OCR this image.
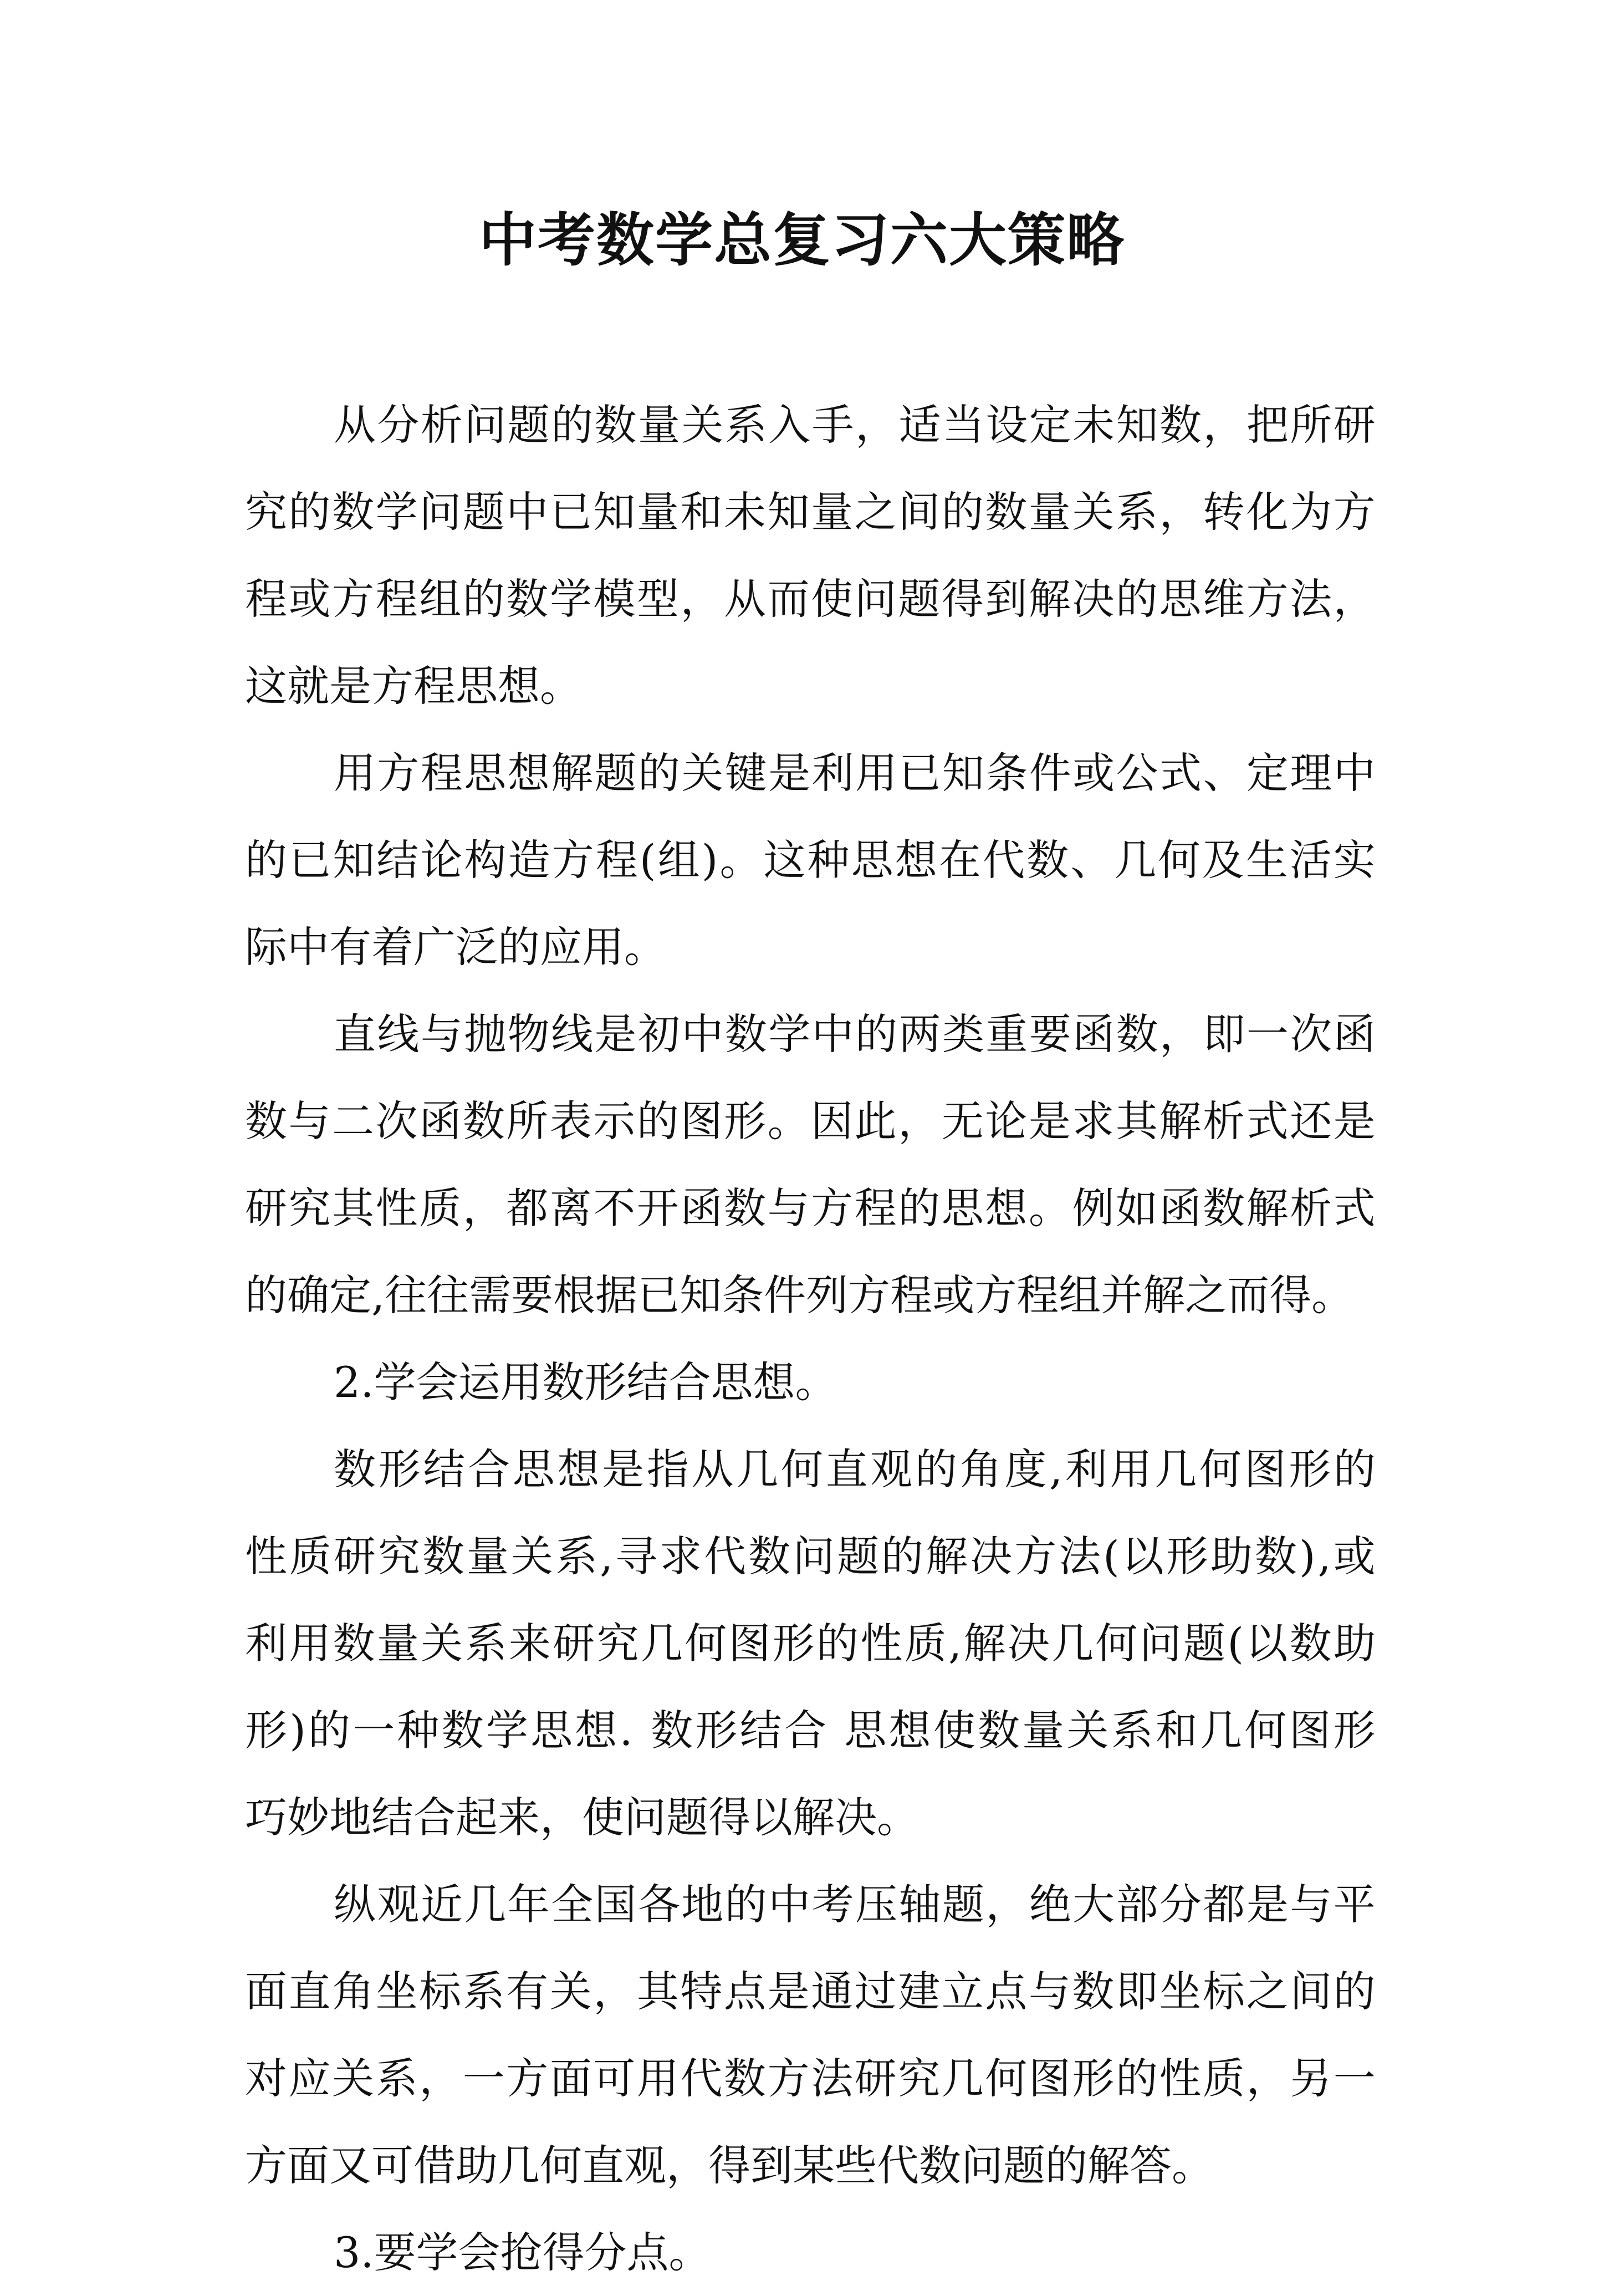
中考数学总复习六大策略
从 分 析 问 题 的 数 量 关 系 入 手 ， 适 当 设 定 未 知 数 ， 把 所 研
究 的 数 学 问 题 中 已 知 量 和 未 知 量 之 间 的 数 量 关 系 ， 转 化 为 方
程 或 方 程 组 的 数 学 模 型 ， 从 而 使 问 题 得 到 解 决 的 思 维 方 法 ，
这就是方程思想。
用 方 程 思 想 解 题 的 关 键 是 利 用 已 知 条 件 或 公 式 、 定 理 中
的 已 知 结 论 构 造 方 程 ( 组 ) 。 这 种 思 想 在 代 数 、 几 何 及 生 活 实
际中有着广泛的应用。
直 线 与 抛 物 线 是 初 中 数 学 中 的 两 类 重 要 函 数 ， 即 一 次 函
数 与 二 次 函 数 所 表 示 的 图 形 。 因 此 ， 无 论 是 求 其 解 析 式 还 是
研 究 其 性 质 ， 都 离 不 开 函 数 与 方 程 的 思 想 。 例 如 函 数 解 析 式
的确定,往往需要根据已知条件列方程或方程组并解之而得。
2.学会运用数形结合思想。
数 形 结 合 思 想 是 指 从 几 何 直 观 的 角 度 , 利 用 几 何 图 形 的
性 质 研 究 数 量 关 系 , 寻 求 代 数 问 题 的 解 决 方 法 ( 以 形 助 数 ) , 或
利 用 数 量 关 系 来 研 究 几 何 图 形 的 性 质 , 解 决 几 何 问 题 ( 以 数 助
形 ) 的 一 种 数 学 思 想 .
数 形 结 合
思 想 使 数 量 关 系 和 几 何 图 形
巧妙地结合起来，使问题得以解决。
纵 观 近 几 年 全 国 各 地 的 中 考 压 轴 题 ， 绝 大 部 分 都 是 与 平
面 直 角 坐 标 系 有 关 ， 其 特 点 是 通 过 建 立 点 与 数 即 坐 标 之 间 的
对 应 关 系 ， 一 方 面 可 用 代 数 方 法 研 究 几 何 图 形 的 性 质 ， 另 一
方面又可借助几何直观，得到某些代数问题的解答。
3.要学会抢得分点。
